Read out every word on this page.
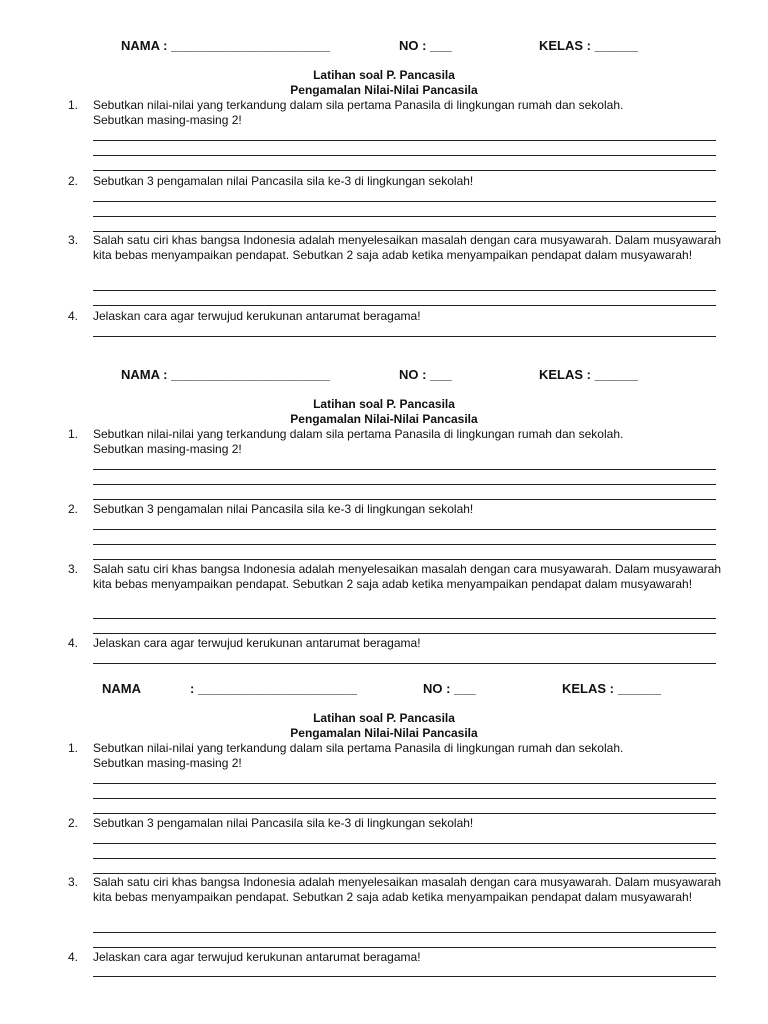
NAMA : ______________________	NO : ___	KELAS : ______
Latihan soal P. Pancasila
Pengamalan Nilai-Nilai Pancasila
1. Sebutkan nilai-nilai yang terkandung dalam sila pertama Panasila di lingkungan rumah dan sekolah.
Sebutkan masing-masing 2!
2. Sebutkan 3 pengamalan nilai Pancasila sila ke-3 di lingkungan sekolah!
3. Salah satu ciri khas bangsa Indonesia adalah menyelesaikan masalah dengan cara musyawarah. Dalam musyawarah kita bebas menyampaikan pendapat. Sebutkan 2 saja adab ketika menyampaikan pendapat dalam musyawarah!
4. Jelaskan cara agar terwujud kerukunan antarumat beragama!
NAMA : ______________________	NO : ___	KELAS : ______
Latihan soal P. Pancasila
Pengamalan Nilai-Nilai Pancasila
1. Sebutkan nilai-nilai yang terkandung dalam sila pertama Panasila di lingkungan rumah dan sekolah.
Sebutkan masing-masing 2!
2. Sebutkan 3 pengamalan nilai Pancasila sila ke-3 di lingkungan sekolah!
3. Salah satu ciri khas bangsa Indonesia adalah menyelesaikan masalah dengan cara musyawarah. Dalam musyawarah kita bebas menyampaikan pendapat. Sebutkan 2 saja adab ketika menyampaikan pendapat dalam musyawarah!
4. Jelaskan cara agar terwujud kerukunan antarumat beragama!
NAMA	: ______________________	NO : ___	KELAS : ______
Latihan soal P. Pancasila
Pengamalan Nilai-Nilai Pancasila
1. Sebutkan nilai-nilai yang terkandung dalam sila pertama Panasila di lingkungan rumah dan sekolah.
Sebutkan masing-masing 2!
2. Sebutkan 3 pengamalan nilai Pancasila sila ke-3 di lingkungan sekolah!
3. Salah satu ciri khas bangsa Indonesia adalah menyelesaikan masalah dengan cara musyawarah. Dalam musyawarah kita bebas menyampaikan pendapat. Sebutkan 2 saja adab ketika menyampaikan pendapat dalam musyawarah!
4. Jelaskan cara agar terwujud kerukunan antarumat beragama!
